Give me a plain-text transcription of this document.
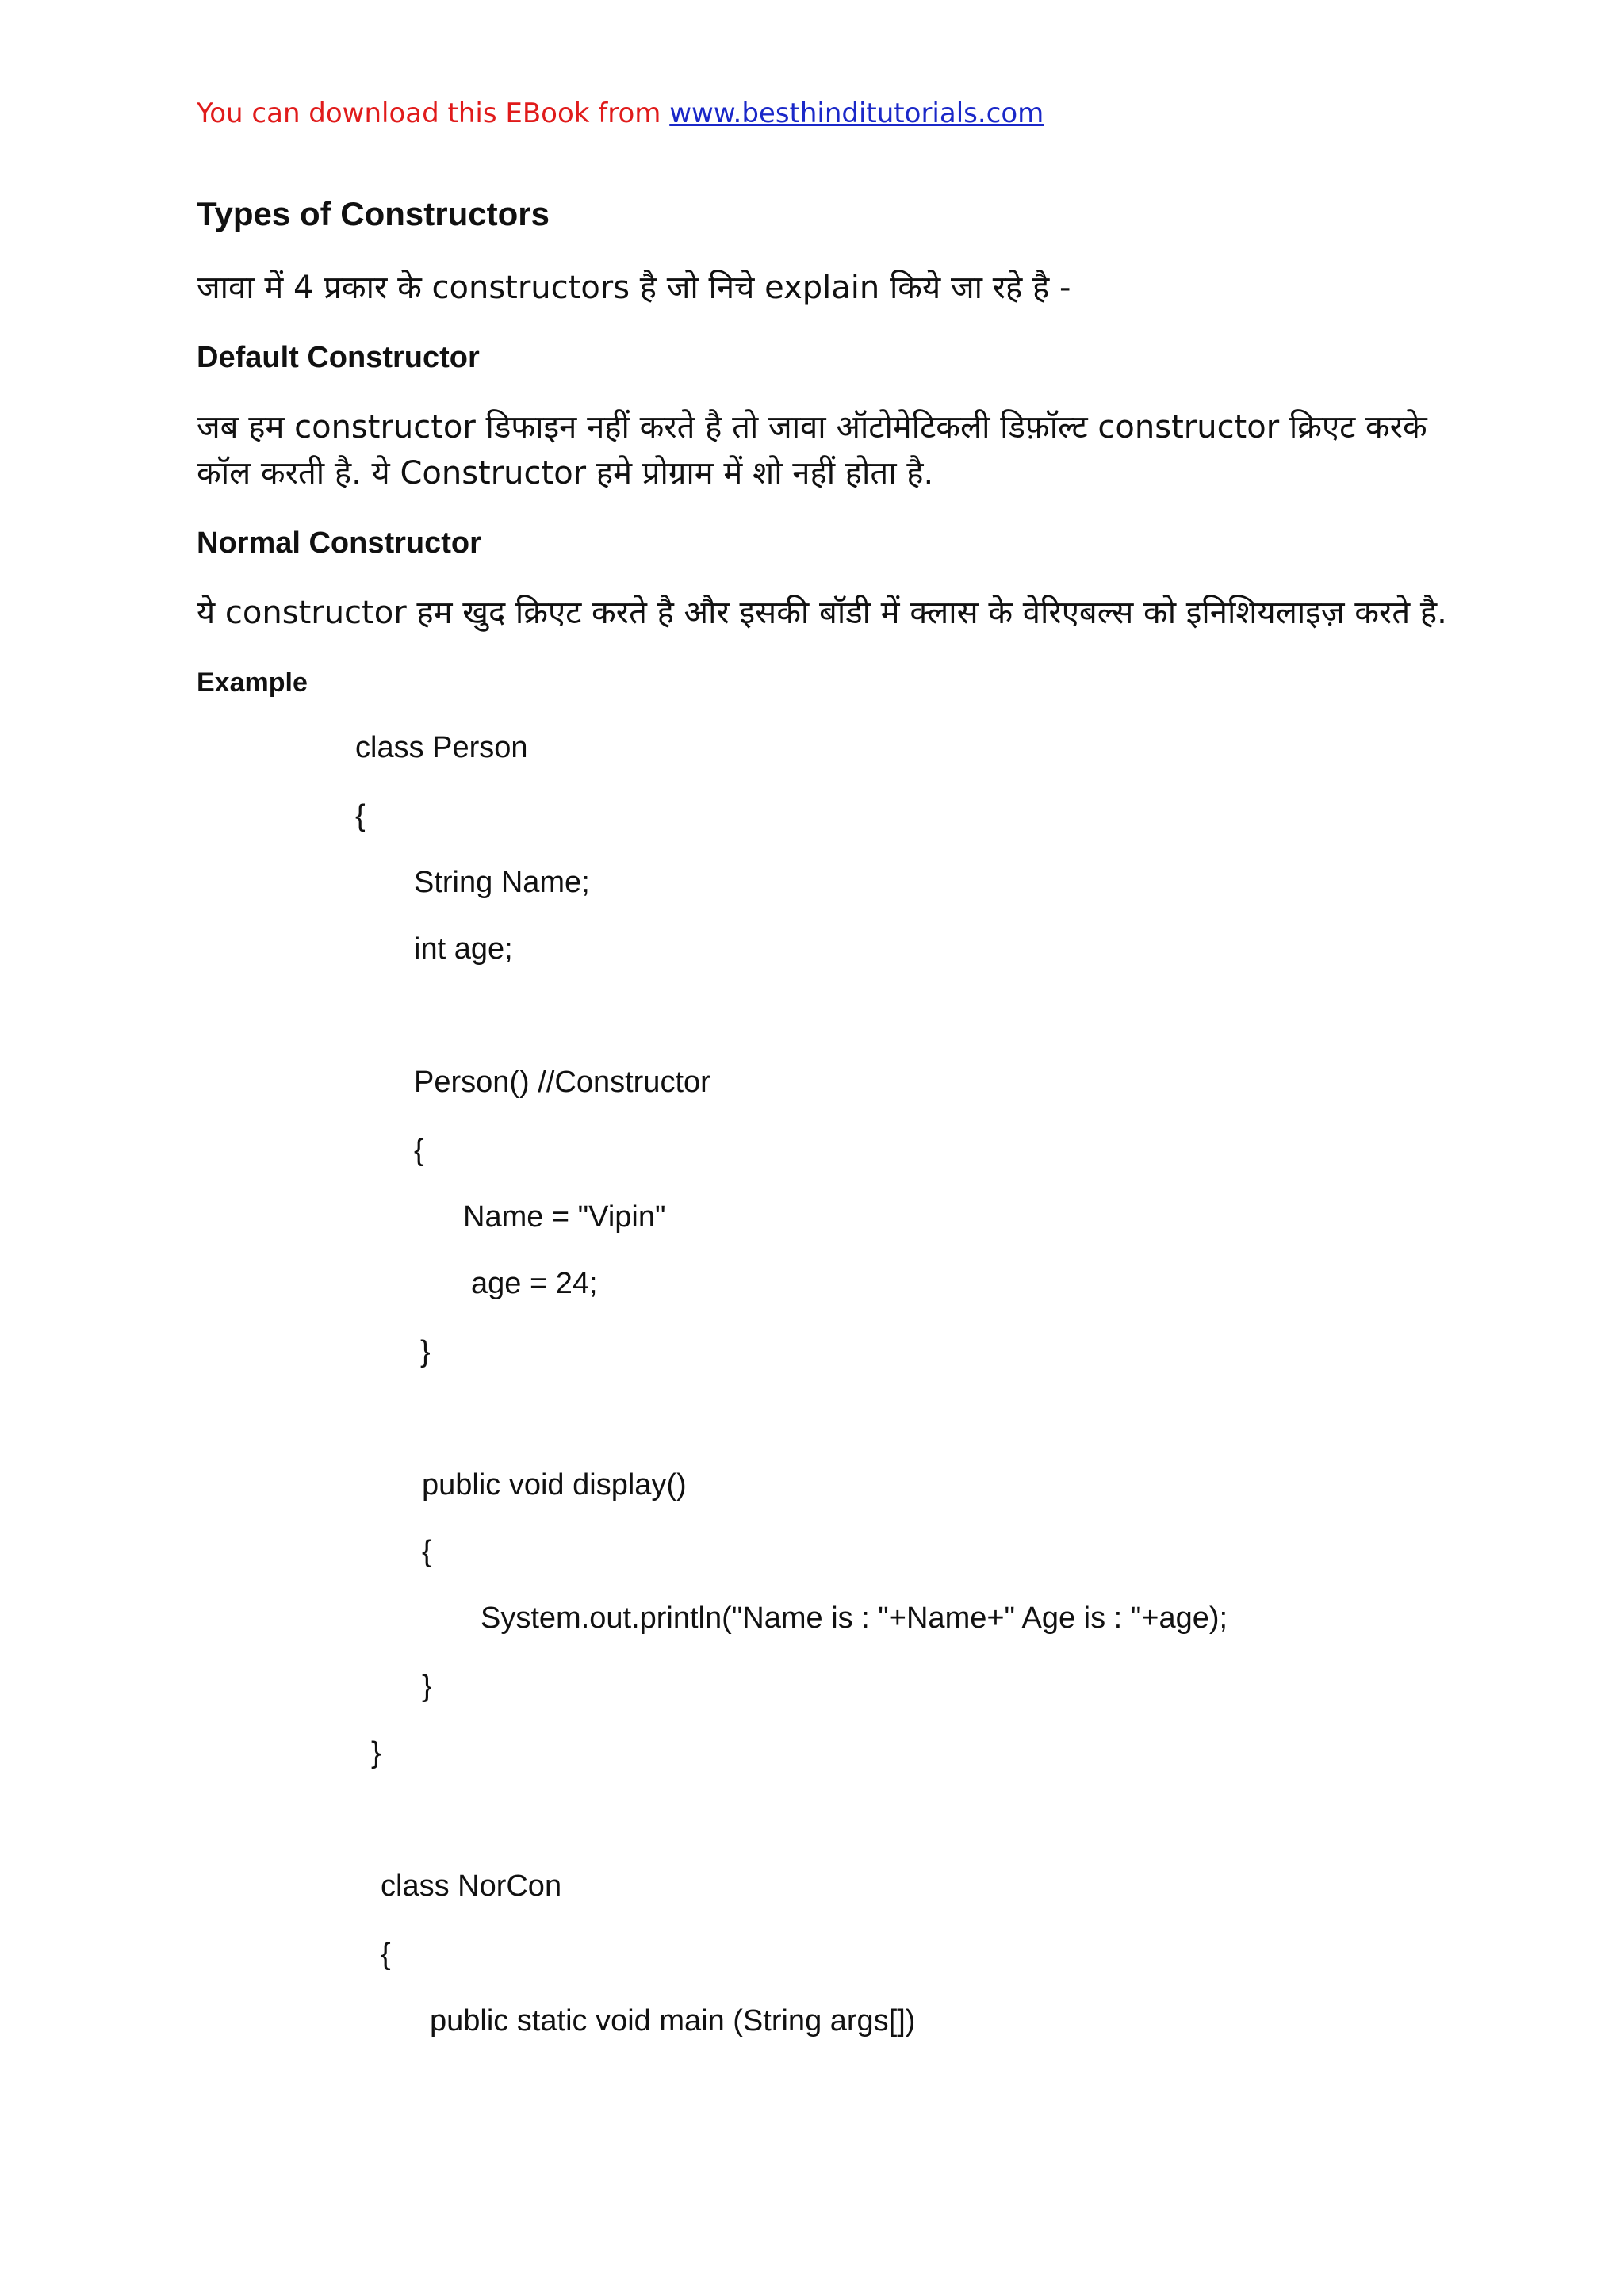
You can download this EBook from www.besthinditutorials.com
Types of Constructors
जावा में 4 प्रकार के constructors है जो निचे explain किये जा रहे है -
Default Constructor
जब हम constructor डिफाइन नहीं करते है तो जावा ऑटोमेटिकली डिफ़ॉल्ट constructor क्रिएट करके
कॉल करती है. ये Constructor हमे प्रोग्राम में शो नहीं होता है.
Normal Constructor
ये constructor हम खुद क्रिएट करते है और इसकी बॉडी में क्लास के वेरिएबल्स को इनिशियलाइज़ करते है.
Example
class Person
{
String Name;
int age;
Person() //Constructor
{
Name = "Vipin"
age = 24;
}
public void display()
{
System.out.println("Name is : "+Name+" Age is : "+age);
}
}
class NorCon
{
public static void main (String args[])
